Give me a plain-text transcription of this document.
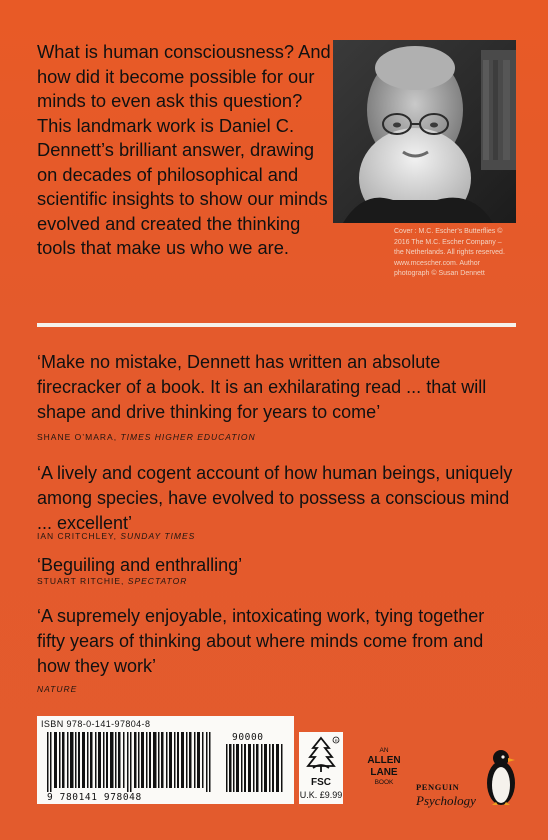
What is human consciousness? And how did it become possible for our minds to even ask this question? This landmark work is Daniel C. Dennett’s brilliant answer, drawing on decades of philosophical and scientific insights to show our minds evolved and created the thinking tools that make us who we are.
Cover : M.C. Escher’s Butterflies ©
2016 The M.C. Escher Company –
the Netherlands. All rights reserved.
www.mcescher.com. Author
photograph © Susan Dennett
‘Make no mistake, Dennett has written an absolute firecracker of a book. It is an exhilarating read ... that will shape and drive thinking for years to come’
SHANE O’MARA, TIMES HIGHER EDUCATION
‘A lively and cogent account of how human beings, uniquely among species, have evolved to possess a conscious mind ... excellent’
IAN CRITCHLEY, SUNDAY TIMES
‘Beguiling and enthralling’
STUART RITCHIE, SPECTATOR
‘A supremely enjoyable, intoxicating work, tying together fifty years of thinking about where minds come from and how they work’
NATURE
ISBN 978-0-141-97804-8
90000
9 780141 978048
R
FSC
U.K. £9.99
AN
ALLEN
LANE
BOOK	PENGUIN
Psychology
